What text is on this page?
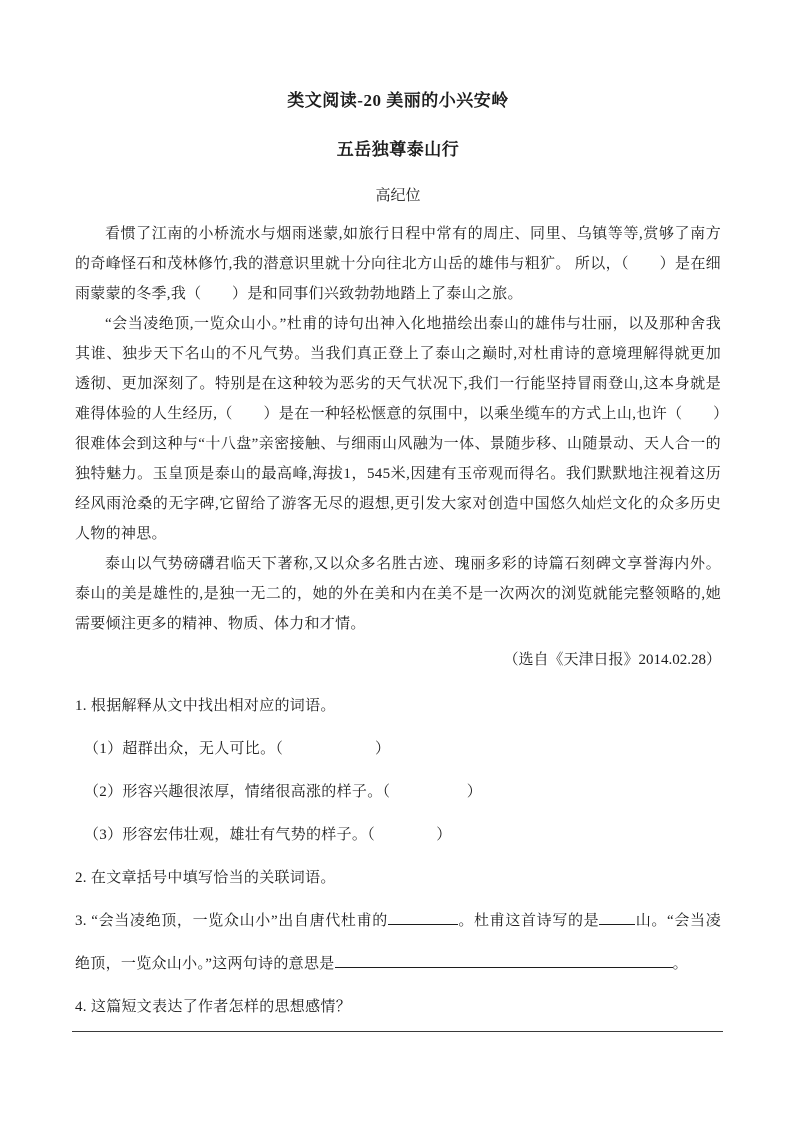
类文阅读-20 美丽的小兴安岭
五岳独尊泰山行
高纪位

看惯了江南的小桥流水与烟雨迷蒙,如旅行日程中常有的周庄、同里、乌镇等等,赏够了南方的奇峰怪石和茂林修竹,我的潜意识里就十分向往北方山岳的雄伟与粗犷。 所以，（　　）是在细雨蒙蒙的冬季,我（　　）是和同事们兴致勃勃地踏上了泰山之旅。

“会当凌绝顶,一览众山小。”杜甫的诗句出神入化地描绘出泰山的雄伟与壮丽，以及那种舍我其谁、独步天下名山的不凡气势。当我们真正登上了泰山之巅时,对杜甫诗的意境理解得就更加透彻、更加深刻了。特别是在这种较为恶劣的天气状况下,我们一行能坚持冒雨登山,这本身就是难得体验的人生经历,（　　）是在一种轻松惬意的氛围中，以乘坐缆车的方式上山,也许（　　）很难体会到这种与“十八盘”亲密接触、与细雨山风融为一体、景随步移、山随景动、天人合一的独特魅力。玉皇顶是泰山的最高峰,海拔1，545米,因建有玉帝观而得名。我们默默地注视着这历经风雨沧桑的无字碑,它留给了游客无尽的遐想,更引发大家对创造中国悠久灿烂文化的众多历史人物的神思。

泰山以气势磅礴君临天下著称,又以众多名胜古迹、瑰丽多彩的诗篇石刻碑文享誉海内外。泰山的美是雄性的,是独一无二的，她的外在美和内在美不是一次两次的浏览就能完整领略的,她需要倾注更多的精神、物质、体力和才情。

（选自《天津日报》2014.02.28）

1. 根据解释从文中找出相对应的词语。

（1）超群出众，无人可比。（　　　　　　）

（2）形容兴趣很浓厚，情绪很高涨的样子。（　　　　　）

（3）形容宏伟壮观，雄壮有气势的样子。（　　　　）

2. 在文章括号中填写恰当的关联词语。

3. “会当凌绝顶，一览众山小”出自唐代杜甫的	。杜甫这首诗写的是 山。“会当凌绝顶，一览众山小。”这两句诗的意思是	。

4. 这篇短文表达了作者怎样的思想感情？
